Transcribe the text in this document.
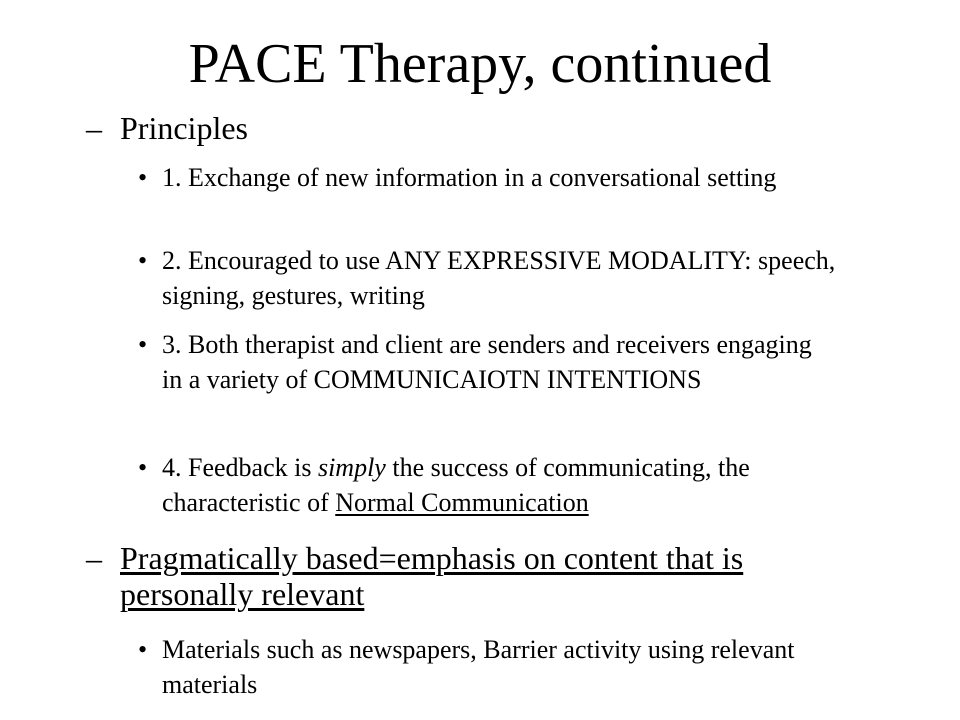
PACE Therapy, continued
– Principles
• 1. Exchange of new information in a conversational setting
• 2. Encouraged to use ANY EXPRESSIVE MODALITY: speech, signing, gestures, writing
• 3. Both therapist and client are senders and receivers engaging in a variety of COMMUNICAIOTN INTENTIONS
• 4. Feedback is simply the success of communicating, the characteristic of Normal Communication
– Pragmatically based=emphasis on content that is personally relevant
• Materials such as newspapers, Barrier activity using relevant materials
